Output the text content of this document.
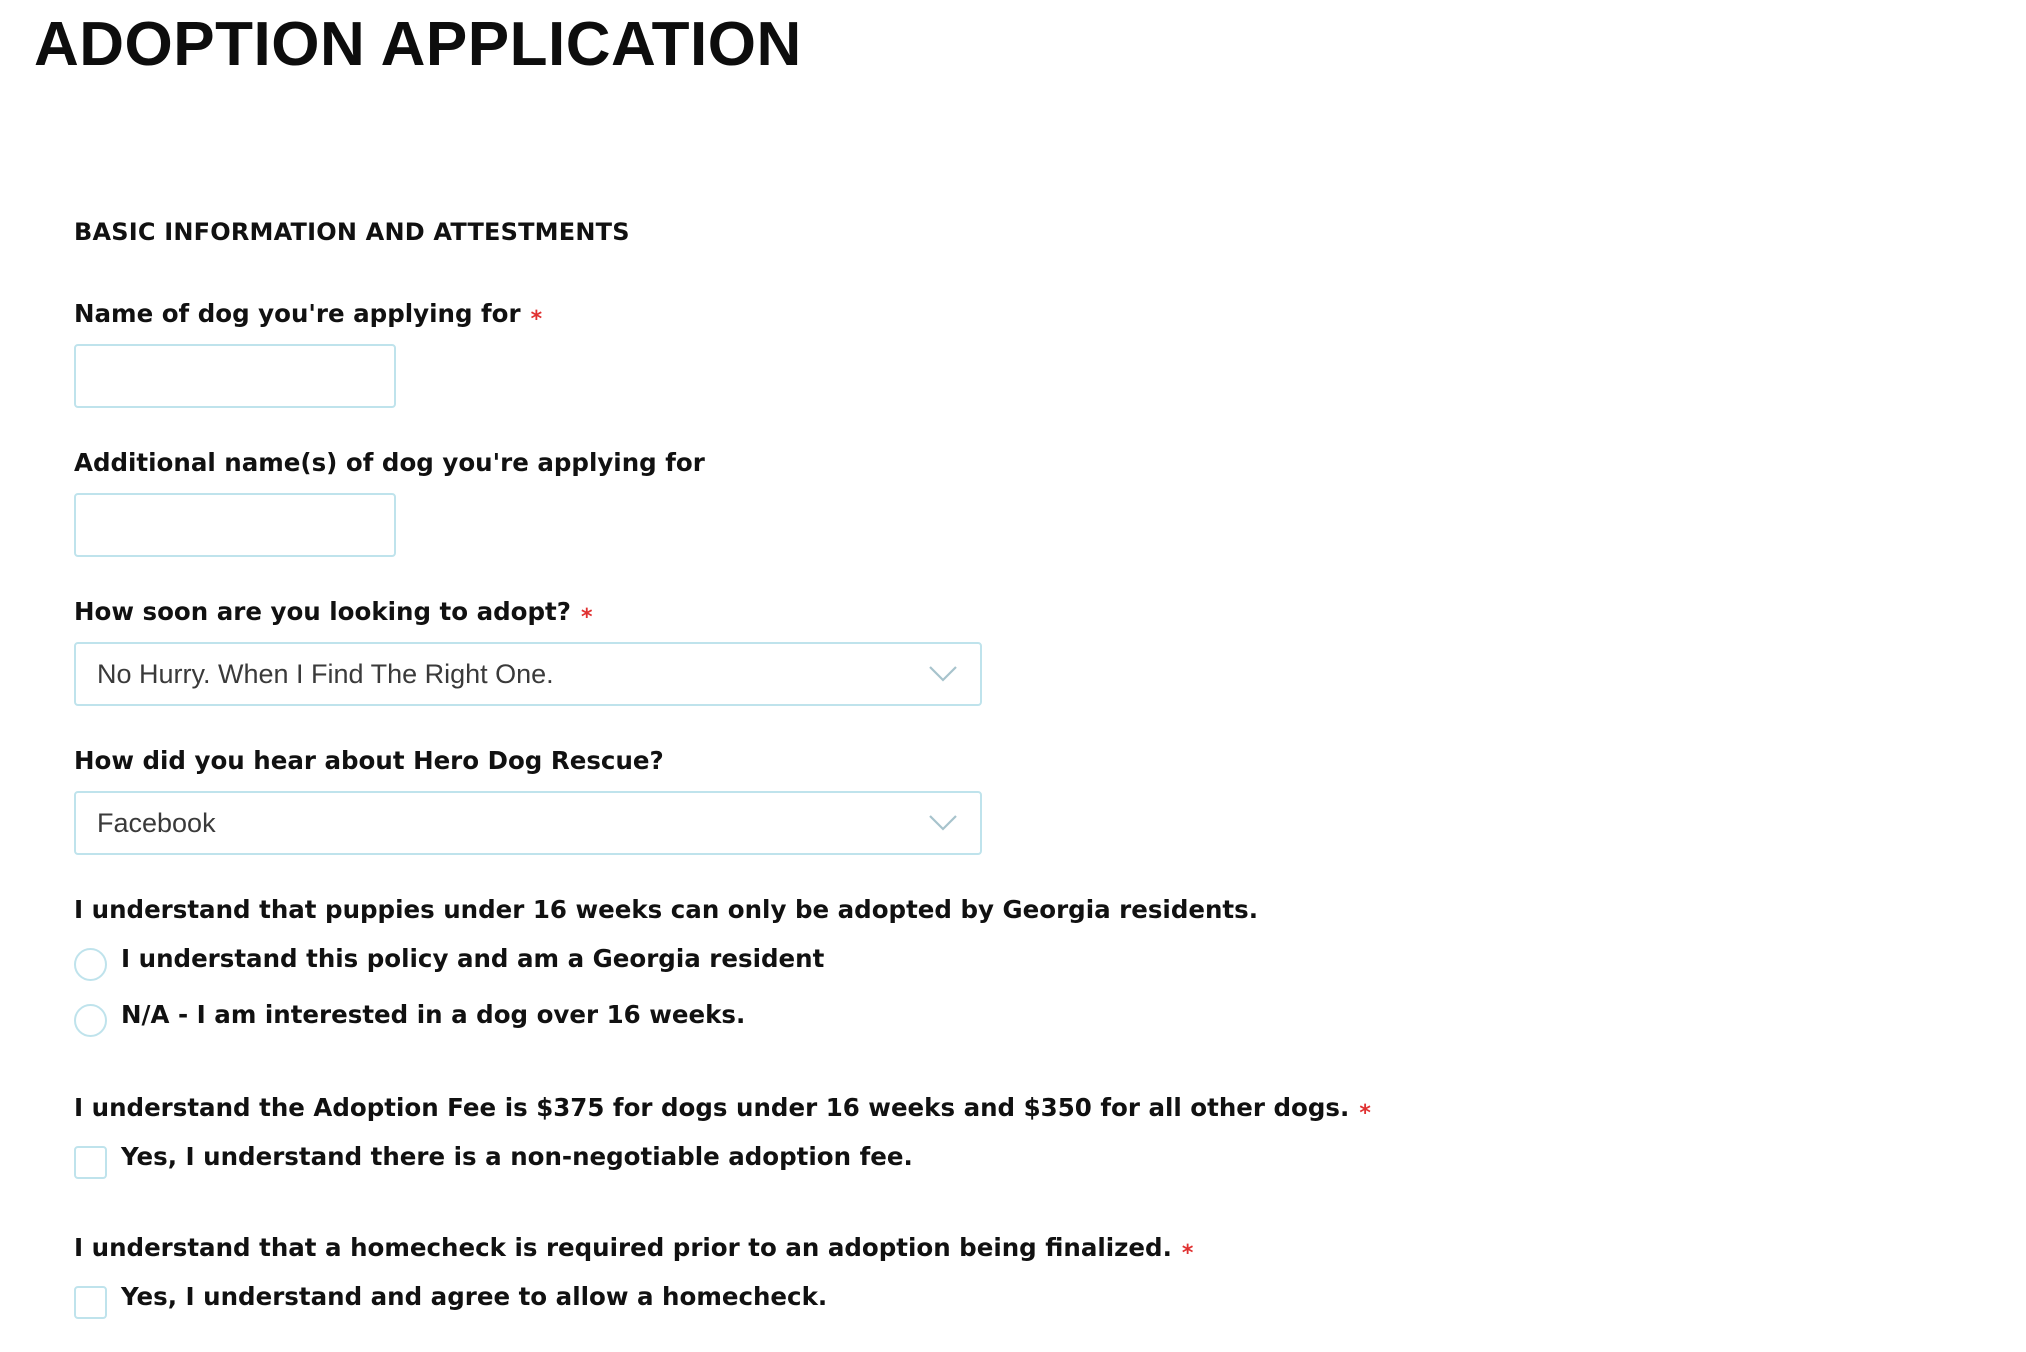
ADOPTION APPLICATION
BASIC INFORMATION AND ATTESTMENTS
Name of dog you're applying for *
Additional name(s) of dog you're applying for
How soon are you looking to adopt? *
No Hurry. When I Find The Right One.
How did you hear about Hero Dog Rescue?
Facebook
I understand that puppies under 16 weeks can only be adopted by Georgia residents.
I understand this policy and am a Georgia resident
N/A - I am interested in a dog over 16 weeks.
I understand the Adoption Fee is $375 for dogs under 16 weeks and $350 for all other dogs. *
Yes, I understand there is a non-negotiable adoption fee.
I understand that a homecheck is required prior to an adoption being finalized. *
Yes, I understand and agree to allow a homecheck.
